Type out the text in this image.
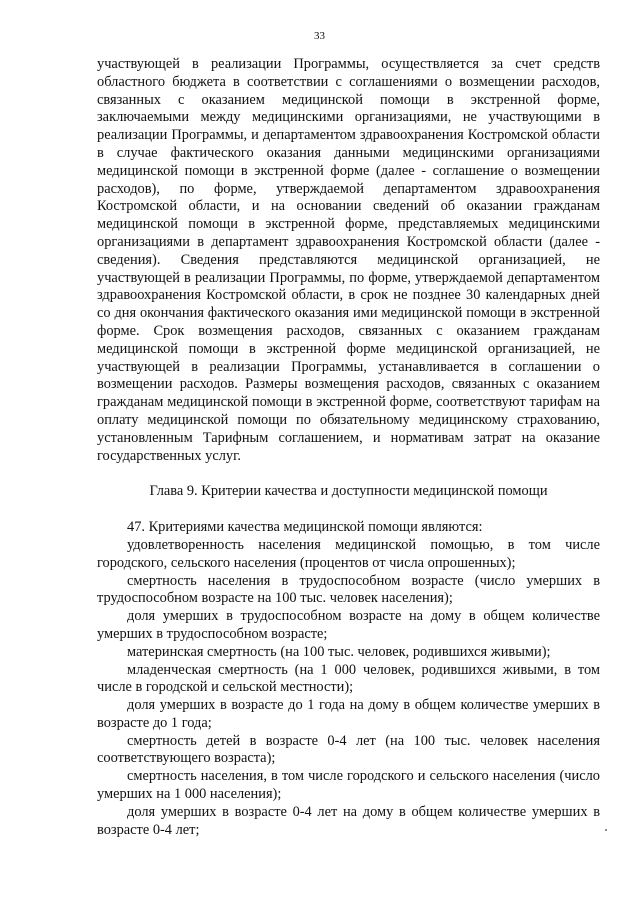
33

участвующей в реализации Программы, осуществляется за счет средств областного бюджета в соответствии с соглашениями о возмещении расходов, связанных с оказанием медицинской помощи в экстренной форме, заключаемыми между медицинскими организациями, не участвующими в реализации Программы, и департаментом здравоохранения Костромской области в случае фактического оказания данными медицинскими организациями медицинской помощи в экстренной форме (далее - соглашение о возмещении расходов), по форме, утверждаемой департаментом здравоохранения Костромской области, и на основании сведений об оказании гражданам медицинской помощи в экстренной форме, представляемых медицинскими организациями в департамент здравоохранения Костромской области (далее - сведения). Сведения представляются медицинской организацией, не участвующей в реализации Программы, по форме, утверждаемой департаментом здравоохранения Костромской области, в срок не позднее 30 календарных дней со дня окончания фактического оказания ими медицинской помощи в экстренной форме. Срок возмещения расходов, связанных с оказанием гражданам медицинской помощи в экстренной форме медицинской организацией, не участвующей в реализации Программы, устанавливается в соглашении о возмещении расходов. Размеры возмещения расходов, связанных с оказанием гражданам медицинской помощи в экстренной форме, соответствуют тарифам на оплату медицинской помощи по обязательному медицинскому страхованию, установленным Тарифным соглашением, и нормативам затрат на оказание государственных услуг.

Глава 9. Критерии качества и доступности медицинской помощи

47. Критериями качества медицинской помощи являются:

удовлетворенность населения медицинской помощью, в том числе городского, сельского населения (процентов от числа опрошенных);

смертность населения в трудоспособном возрасте (число умерших в трудоспособном возрасте на 100 тыс. человек населения);

доля умерших в трудоспособном возрасте на дому в общем количестве умерших в трудоспособном возрасте;

материнская смертность (на 100 тыс. человек, родившихся живыми);

младенческая смертность (на 1 000 человек, родившихся живыми, в том числе в городской и сельской местности);

доля умерших в возрасте до 1 года на дому в общем количестве умерших в возрасте до 1 года;

смертность детей в возрасте 0-4 лет (на 100 тыс. человек населения соответствующего возраста);

смертность населения, в том числе городского и сельского населения (число умерших на 1 000 населения);

доля умерших в возрасте 0-4 лет на дому в общем количестве умерших в возрасте 0-4 лет;
